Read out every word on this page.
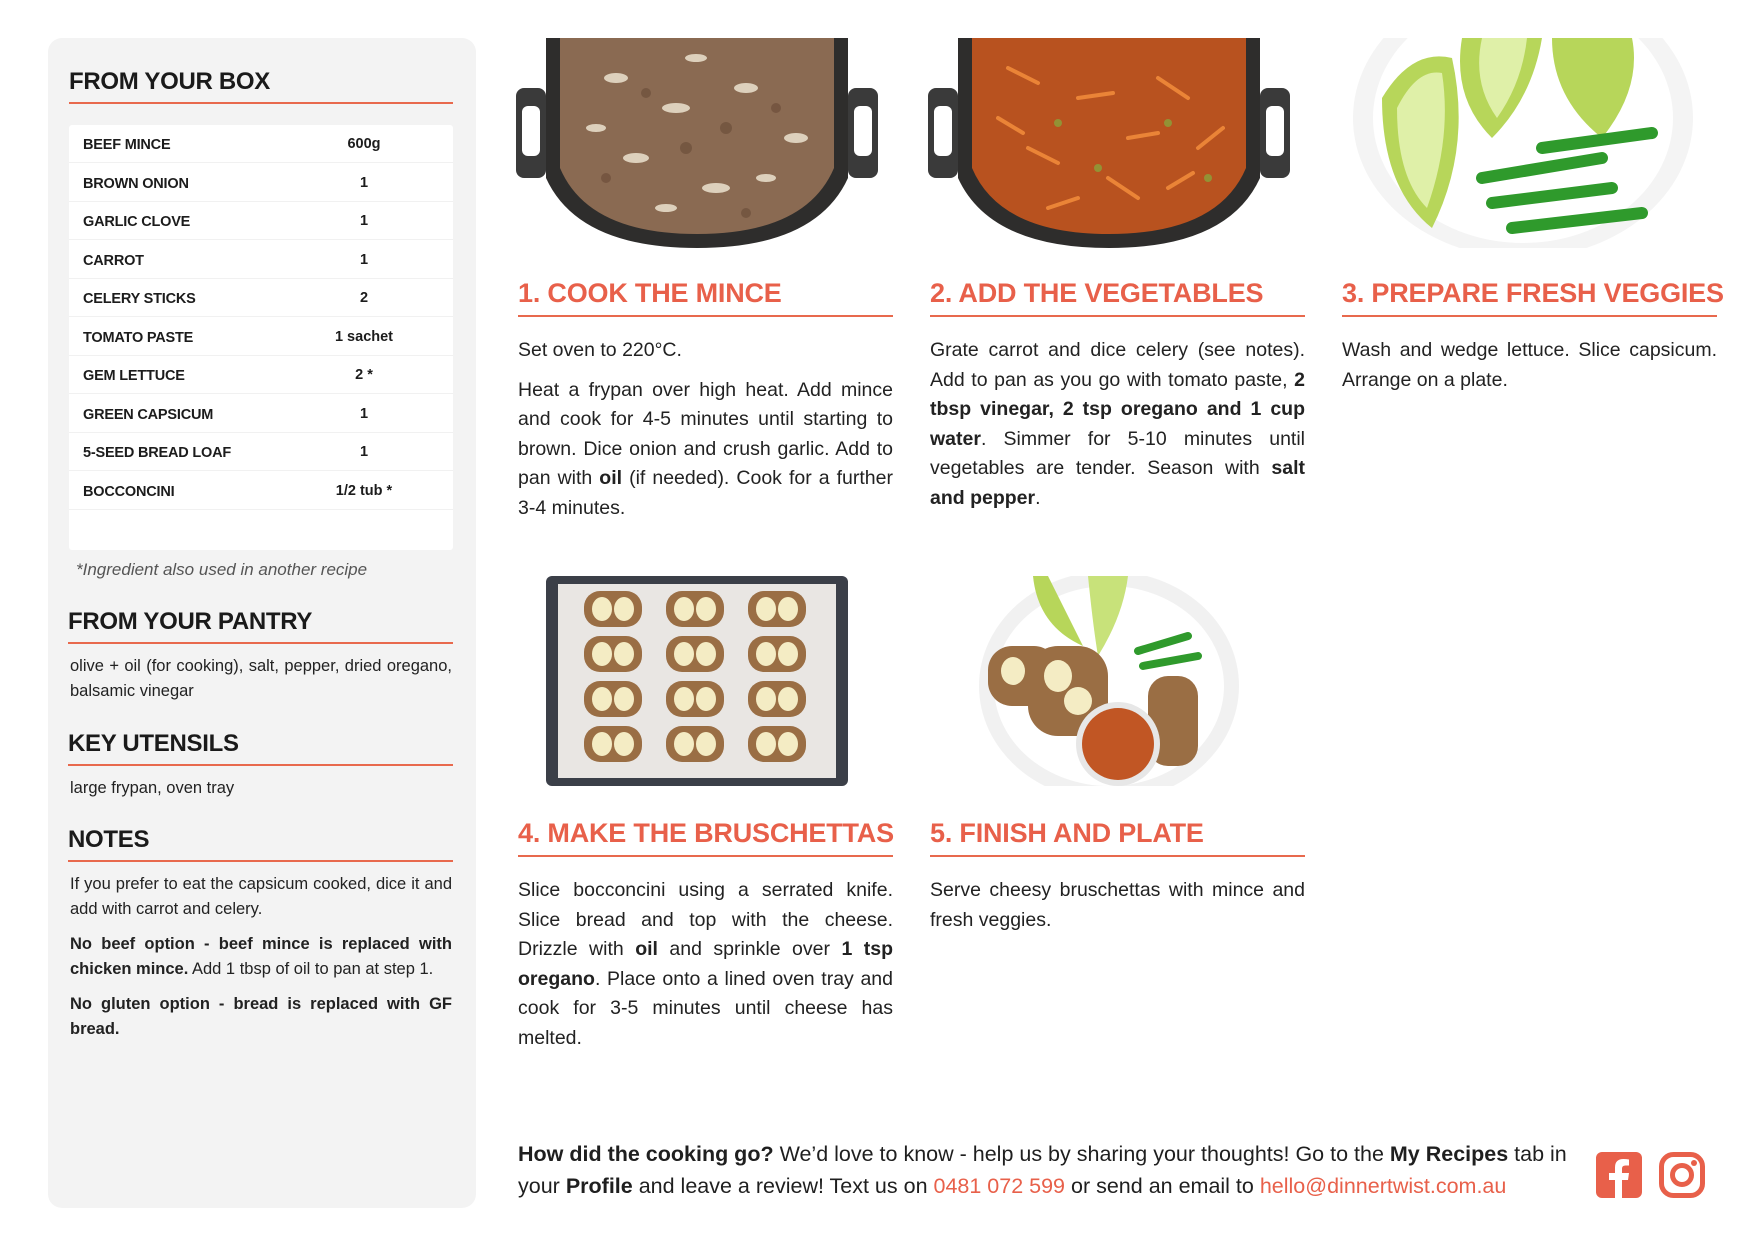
FROM YOUR BOX
BEEF MINCE	600g
BROWN ONION	1
GARLIC CLOVE	1
CARROT	1
CELERY STICKS	2
TOMATO PASTE	1 sachet
GEM LETTUCE	2 *
GREEN CAPSICUM	1
5-SEED BREAD LOAF	1
BOCCONCINI	1/2 tub *
*Ingredient also used in another recipe
FROM YOUR PANTRY
olive + oil (for cooking), salt, pepper, dried oregano, balsamic vinegar
KEY UTENSILS
large frypan, oven tray
NOTES
If you prefer to eat the capsicum cooked, dice it and add with carrot and celery.
No beef option - beef mince is replaced with chicken mince. Add 1 tbsp of oil to pan at step 1.
No gluten option - bread is replaced with GF bread.
1. COOK THE MINCE

Set oven to 220°C.

Heat a frypan over high heat. Add mince and cook for 4-5 minutes until starting to brown. Dice onion and crush garlic. Add to pan with oil (if needed). Cook for a further 3-4 minutes.

2. ADD THE VEGETABLES

Grate carrot and dice celery (see notes). Add to pan as you go with tomato paste, 2 tbsp vinegar, 2 tsp oregano and 1 cup water. Simmer for 5-10 minutes until vegetables are tender. Season with salt and pepper.

3. PREPARE FRESH VEGGIES
Wash and wedge lettuce. Slice capsicum. Arrange on a plate.
4. MAKE THE BRUSCHETTAS

Slice bocconcini using a serrated knife. Slice bread and top with the cheese. Drizzle with oil and sprinkle over 1 tsp oregano. Place onto a lined oven tray and cook for 3-5 minutes until cheese has melted.

5. FINISH AND PLATE
Serve cheesy bruschettas with mince and fresh veggies.
How did the cooking go? We’d love to know - help us by sharing your thoughts! Go to the My Recipes tab in your Profile and leave a review! Text us on 0481 072 599 or send an email to hello@dinnertwist.com.au
